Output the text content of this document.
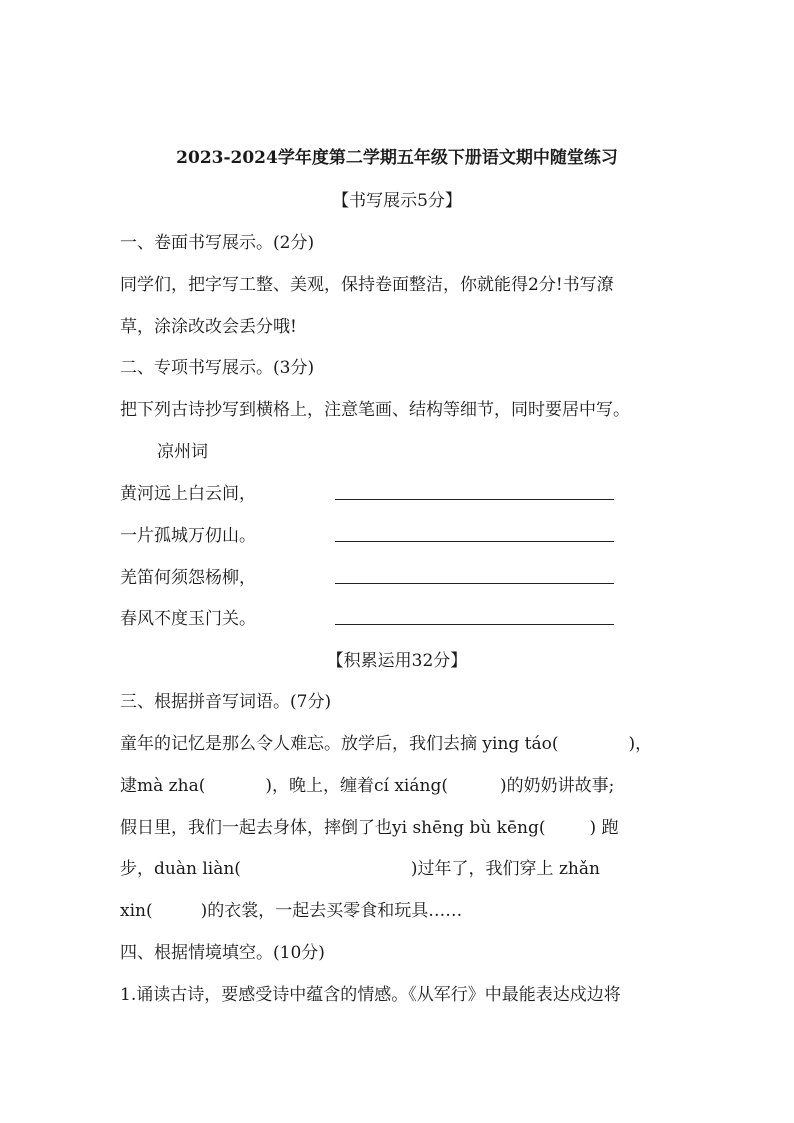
2023-2024学年度第二学期五年级下册语文期中随堂练习
【书写展示5分】
一、卷面书写展示。(2分)
同学们，把字写工整、美观，保持卷面整洁，你就能得2分!书写潦
草，涂涂改改会丢分哦!
二、专项书写展示。(3分)
把下列古诗抄写到横格上，注意笔画、结构等细节，同时要居中写。
凉州词
黄河远上白云间，
一片孤城万仞山。
羌笛何须怨杨柳，
春风不度玉门关。
【积累运用32分】
三、根据拼音写词语。(7分)
童年的记忆是那么令人难忘。放学后，我们去摘 ying táo(	)，
逮mà zha(	)，晚上，缠着cí xiáng(	)的奶奶讲故事;
假日里，我们一起去身体，摔倒了也yi shēng bù kēng(	) 跑
步，duàn liàn(	)过年了，我们穿上 zhǎn
xin(	)的衣裳，一起去买零食和玩具……
四、根据情境填空。(10分)
1.诵读古诗，要感受诗中蕴含的情感。《从军行》中最能表达戍边将
